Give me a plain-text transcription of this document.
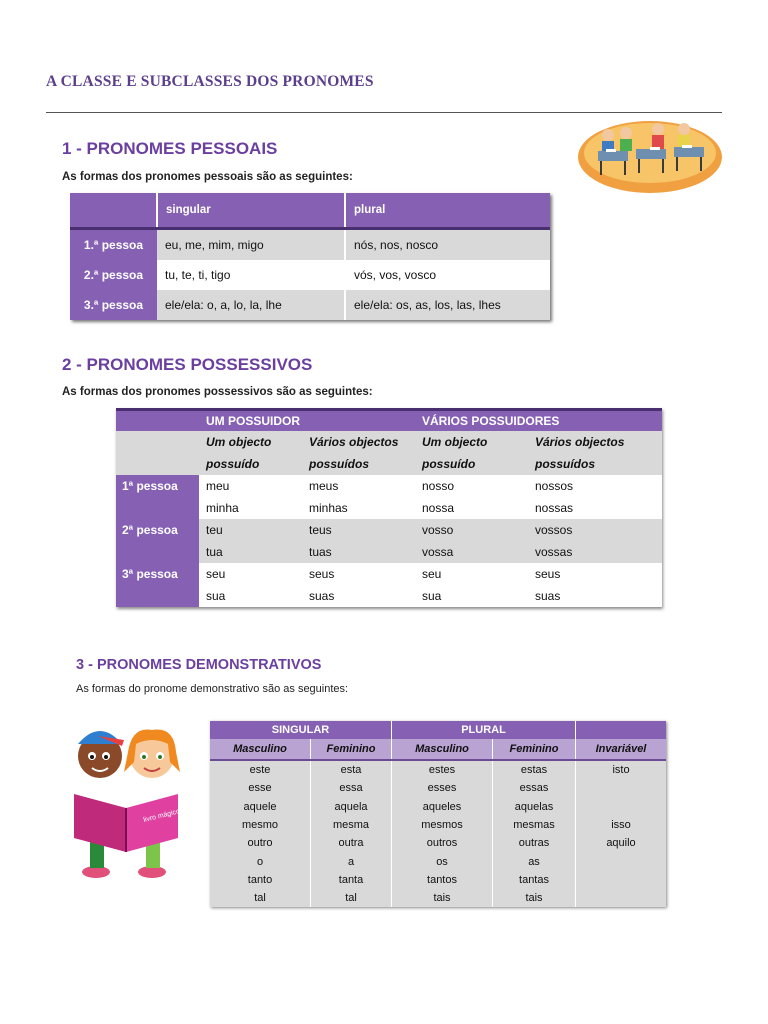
A CLASSE E SUBCLASSES DOS PRONOMES
1 - PRONOMES PESSOAIS
As formas dos pronomes pessoais são as seguintes:
	singular	plural
1.ª pessoa	eu, me, mim, migo	nós, nos, nosco
2.ª pessoa	tu, te, ti, tigo	vós, vos, vosco
3.ª pessoa	ele/ela: o, a, lo, la, lhe	ele/ela: os, as, los, las, lhes
2 - PRONOMES POSSESSIVOS
As formas dos pronomes possessivos são as seguintes:
	UM POSSUIDOR		VÁRIOS POSSUIDORES	
	Um objecto	Vários objectos	Um objecto	Vários objectos
	possuído	possuídos	possuído	possuídos
1ª pessoa	meu	meus	nosso	nossos
	minha	minhas	nossa	nossas
2ª pessoa	teu	teus	vosso	vossos
	tua	tuas	vossa	vossas
3ª pessoa	seu	seus	seu	seus
	sua	suas	sua	suas
3 - PRONOMES DEMONSTRATIVOS
As formas do pronome demonstrativo são as seguintes:
livro mágico
SINGULAR		PLURAL		
Masculino	Feminino	Masculino	Feminino	Invariável
este	esta	estes	estas	isto
esse	essa	esses	essas	
aquele	aquela	aqueles	aquelas	
mesmo	mesma	mesmos	mesmas	isso
outro	outra	outros	outras	aquilo
o	a	os	as	
tanto	tanta	tantos	tantas	
tal	tal	tais	tais	
